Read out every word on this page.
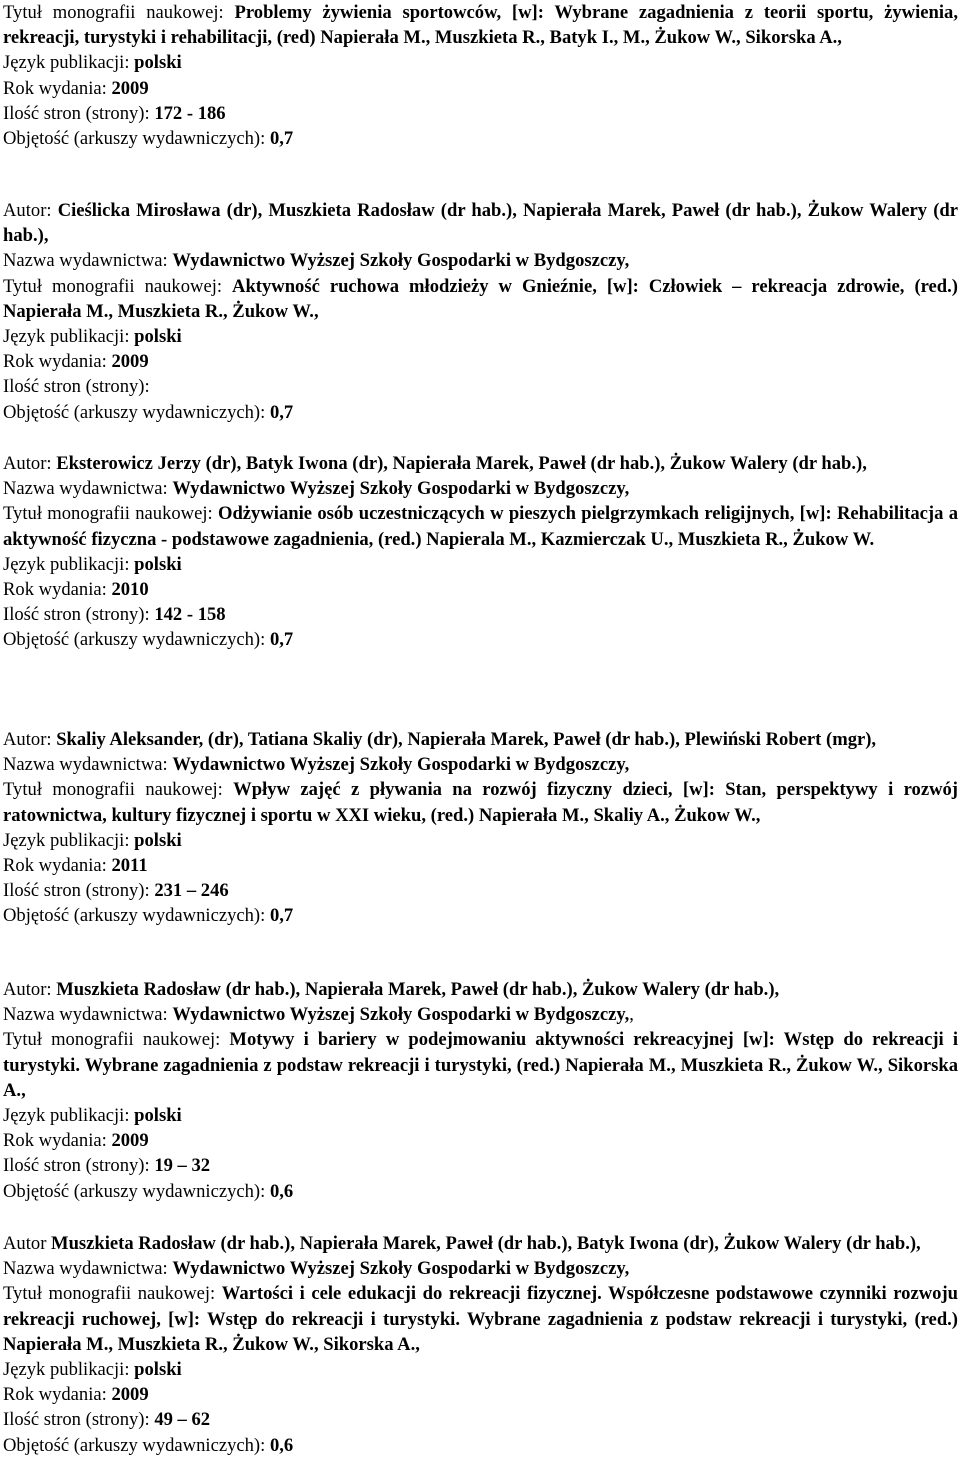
Tytuł monografii naukowej: Problemy żywienia sportowców, [w]: Wybrane zagadnienia z teorii sportu, żywienia, rekreacji, turystyki i rehabilitacji, (red) Napierała M., Muszkieta R., Batyk I., M., Żukow W., Sikorska A.,
Język publikacji: polski
Rok wydania: 2009
Ilość stron (strony): 172 - 186
Objętość (arkuszy wydawniczych): 0,7
Autor: Cieślicka Mirosława (dr), Muszkieta Radosław (dr hab.), Napierała Marek, Paweł (dr hab.), Żukow Walery (dr hab.),
Nazwa wydawnictwa: Wydawnictwo Wyższej Szkoły Gospodarki w Bydgoszczy,
Tytuł monografii naukowej: Aktywność ruchowa młodzieży w Gnieźnie, [w]: Człowiek – rekreacja zdrowie, (red.) Napierała M., Muszkieta R., Żukow W.,
Język publikacji: polski
Rok wydania: 2009
Ilość stron (strony):
Objętość (arkuszy wydawniczych): 0,7
Autor: Eksterowicz Jerzy (dr), Batyk Iwona (dr), Napierała Marek, Paweł (dr hab.), Żukow Walery (dr hab.),
Nazwa wydawnictwa: Wydawnictwo Wyższej Szkoły Gospodarki w Bydgoszczy,
Tytuł monografii naukowej: Odżywianie osób uczestniczących w pieszych pielgrzymkach religijnych, [w]: Rehabilitacja a aktywność fizyczna - podstawowe zagadnienia, (red.) Napierala M., Kazmierczak U., Muszkieta R., Żukow W.
Język publikacji: polski
Rok wydania: 2010
Ilość stron (strony): 142 - 158
Objętość (arkuszy wydawniczych): 0,7
Autor: Skaliy Aleksander, (dr), Tatiana Skaliy (dr), Napierała Marek, Paweł (dr hab.), Plewiński Robert (mgr),
Nazwa wydawnictwa: Wydawnictwo Wyższej Szkoły Gospodarki w Bydgoszczy,
Tytuł monografii naukowej: Wpływ zajęć z pływania na rozwój fizyczny dzieci, [w]: Stan, perspektywy i rozwój ratownictwa, kultury fizycznej i sportu w XXI wieku, (red.) Napierała M., Skaliy A., Żukow W.,
Język publikacji: polski
Rok wydania: 2011
Ilość stron (strony): 231 – 246
Objętość (arkuszy wydawniczych): 0,7
Autor: Muszkieta Radosław (dr hab.), Napierała Marek, Paweł (dr hab.), Żukow Walery (dr hab.),
Nazwa wydawnictwa: Wydawnictwo Wyższej Szkoły Gospodarki w Bydgoszczy,,
Tytuł monografii naukowej: Motywy i bariery w podejmowaniu aktywności rekreacyjnej [w]: Wstęp do rekreacji i turystyki. Wybrane zagadnienia z podstaw rekreacji i turystyki, (red.) Napierała M., Muszkieta R., Żukow W., Sikorska A.,
Język publikacji: polski
Rok wydania: 2009
Ilość stron (strony): 19 – 32
Objętość (arkuszy wydawniczych): 0,6
Autor Muszkieta Radosław (dr hab.), Napierała Marek, Paweł (dr hab.), Batyk Iwona (dr), Żukow Walery (dr hab.),
Nazwa wydawnictwa: Wydawnictwo Wyższej Szkoły Gospodarki w Bydgoszczy,
Tytuł monografii naukowej: Wartości i cele edukacji do rekreacji fizycznej. Współczesne podstawowe czynniki rozwoju rekreacji ruchowej, [w]: Wstęp do rekreacji i turystyki. Wybrane zagadnienia z podstaw rekreacji i turystyki, (red.) Napierała M., Muszkieta R., Żukow W., Sikorska A.,
Język publikacji: polski
Rok wydania: 2009
Ilość stron (strony): 49 – 62
Objętość (arkuszy wydawniczych): 0,6
